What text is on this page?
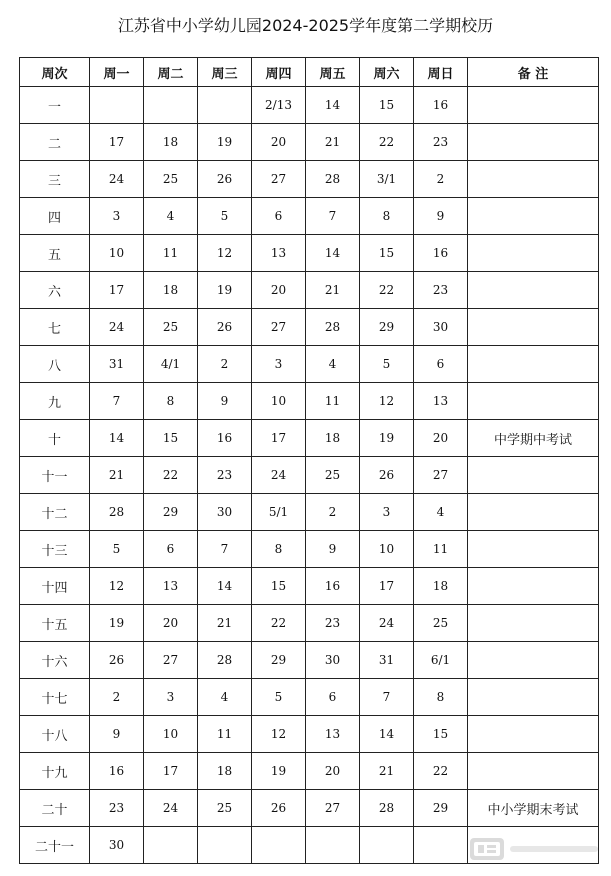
江苏省中小学幼儿园2024-2025学年度第二学期校历
周次	周一	周二	周三	周四	周五	周六	周日	备 注
一				2/13	14	15	16	
二	17	18	19	20	21	22	23	
三	24	25	26	27	28	3/1	2	
四	3	4	5	6	7	8	9	
五	10	11	12	13	14	15	16	
六	17	18	19	20	21	22	23	
七	24	25	26	27	28	29	30	
八	31	4/1	2	3	4	5	6	
九	7	8	9	10	11	12	13	
十	14	15	16	17	18	19	20	中学期中考试
十一	21	22	23	24	25	26	27	
十二	28	29	30	5/1	2	3	4	
十三	5	6	7	8	9	10	11	
十四	12	13	14	15	16	17	18	
十五	19	20	21	22	23	24	25	
十六	26	27	28	29	30	31	6/1	
十七	2	3	4	5	6	7	8	
十八	9	10	11	12	13	14	15	
十九	16	17	18	19	20	21	22	
二十	23	24	25	26	27	28	29	中小学期末考试
二十一	30							
